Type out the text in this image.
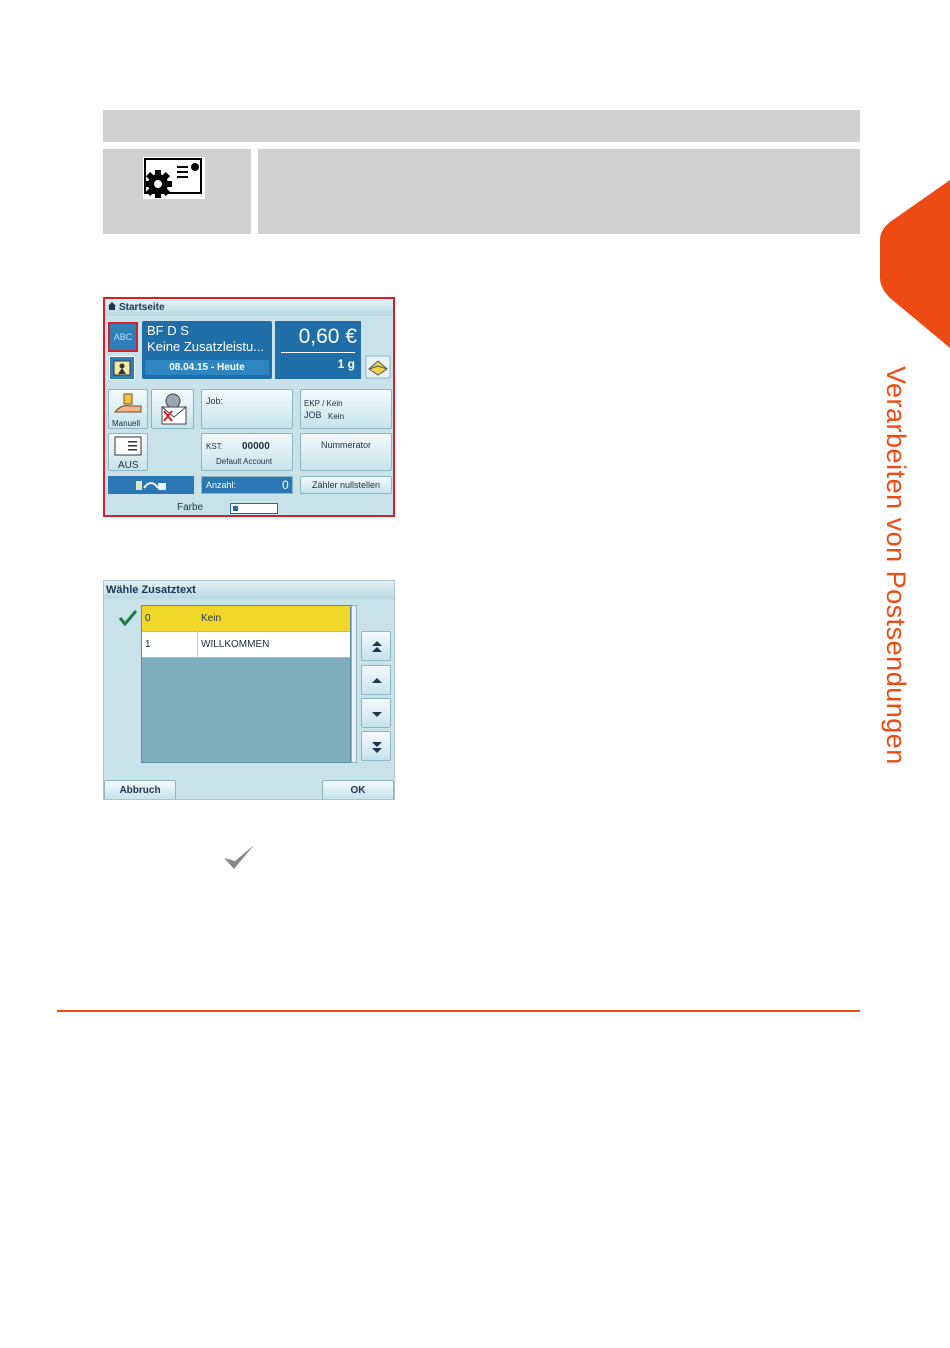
Verarbeiten von Postsendungen
Startseite
ABC	BF D S
Keine Zusatzleistu...
08.04.15 - Heute
0,60 €
1 g
Manuell
AUS
Job:
KST: 00000
Default Account
Anzahl:	0
EKP / Kein
JOB Kein
Nummerator
Zähler nullstellen
Farbe
Wähle Zusatztext
0	Kein
1	WILLKOMMEN
Abbruch	OK
